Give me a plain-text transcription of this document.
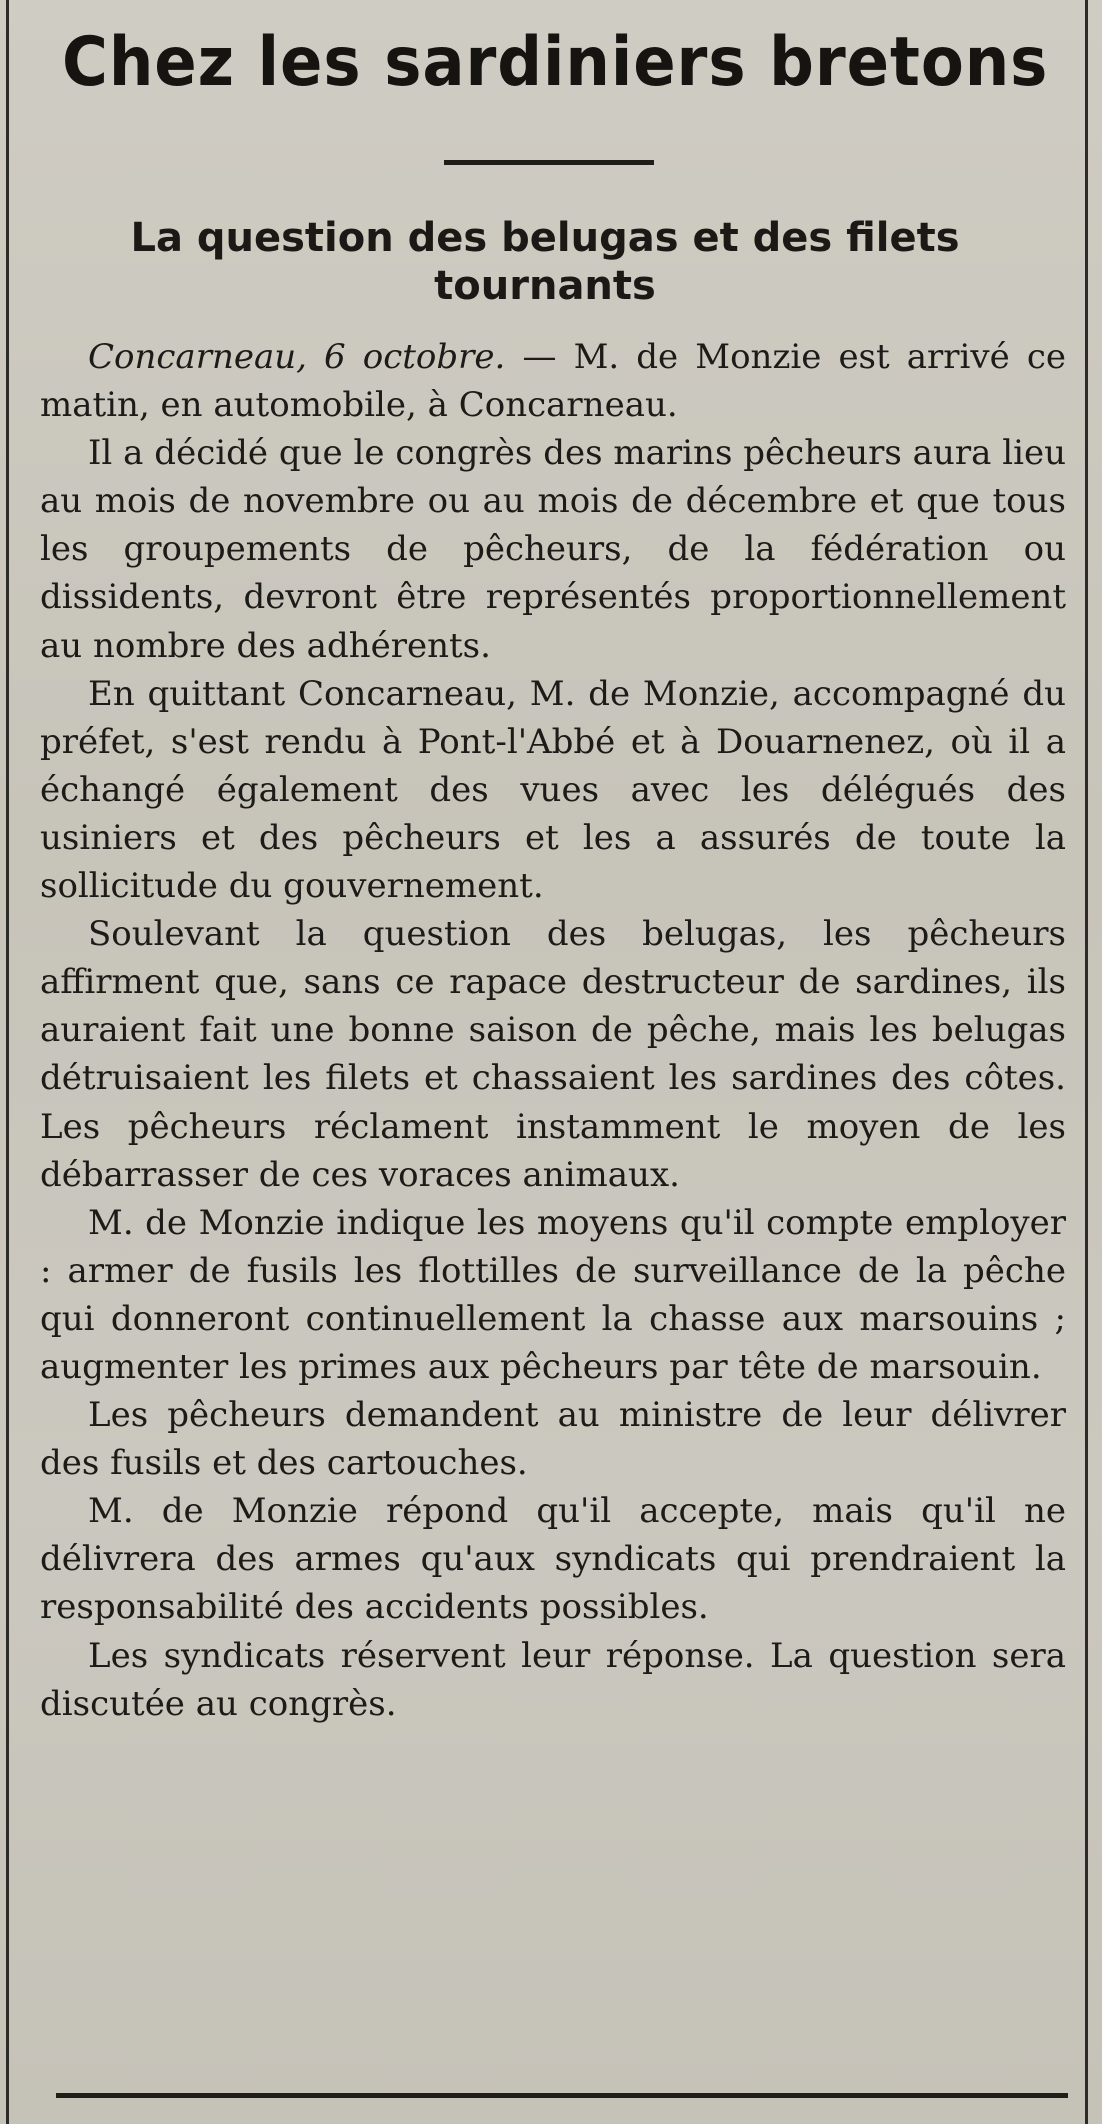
Chez les sardiniers bretons
La question des belugas et des filets tournants

Concarneau, 6 octobre. — M. de Monzie est arrivé ce matin, en automobile, à Concarneau.

Il a décidé que le congrès des marins pêcheurs aura lieu au mois de novembre ou au mois de décembre et que tous les groupements de pêcheurs, de la fédération ou dissidents, devront être représentés proportionnellement au nombre des adhérents.

En quittant Concarneau, M. de Monzie, accompagné du préfet, s'est rendu à Pont-l'Abbé et à Douarnenez, où il a échangé également des vues avec les délégués des usiniers et des pêcheurs et les a assurés de toute la sollicitude du gouvernement.

Soulevant la question des belugas, les pêcheurs affirment que, sans ce rapace destructeur de sardines, ils auraient fait une bonne saison de pêche, mais les belugas détruisaient les filets et chassaient les sardines des côtes. Les pêcheurs réclament instamment le moyen de les débarrasser de ces voraces animaux.

M. de Monzie indique les moyens qu'il compte employer : armer de fusils les flottilles de surveillance de la pêche qui donneront continuellement la chasse aux marsouins ; augmenter les primes aux pêcheurs par tête de marsouin.

Les pêcheurs demandent au ministre de leur délivrer des fusils et des cartouches.

M. de Monzie répond qu'il accepte, mais qu'il ne délivrera des armes qu'aux syndicats qui prendraient la responsabilité des accidents possibles.

Les syndicats réservent leur réponse. La question sera discutée au congrès.
